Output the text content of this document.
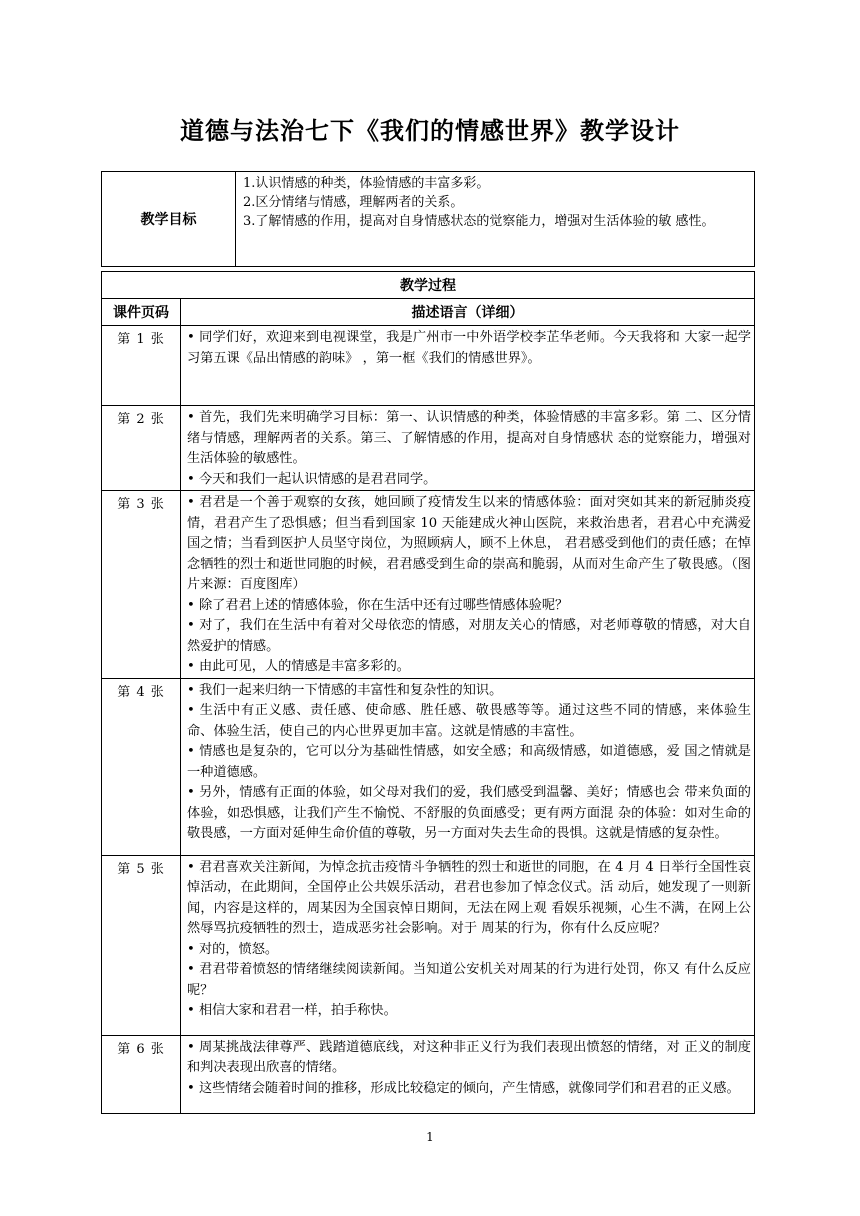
道德与法治七下《我们的情感世界》教学设计
教学目标	
1.认识情感的种类，体验情感的丰富多彩。
2.区分情绪与情感，理解两者的关系。
3.了解情感的作用，提高对自身情感状态的觉察能力，增强对生活体验的敏 感性。
教学过程	
课件页码	描述语言（详细）
第 1 张	• 同学们好，欢迎来到电视课堂，我是广州市一中外语学校李芷华老师。今天我将和 大家一起学习第五课《品出情感的韵味》 ，第一框《我们的情感世界》。

第 2 张	• 首先，我们先来明确学习目标：第一、认识情感的种类，体验情感的丰富多彩。第 二、区分情绪与情感，理解两者的关系。第三、了解情感的作用，提高对自身情感状 态的觉察能力，增强对生活体验的敏感性。

• 今天和我们一起认识情感的是君君同学。

第 3 张	• 君君是一个善于观察的女孩，她回顾了疫情发生以来的情感体验：面对突如其来的新冠肺炎疫情，君君产生了恐惧感；但当看到国家 10 天能建成火神山医院，来救治患者，君君心中充满爱国之情；当看到医护人员坚守岗位，为照顾病人，顾不上休息， 君君感受到他们的责任感；在悼念牺牲的烈士和逝世同胞的时候，君君感受到生命的崇高和脆弱，从而对生命产生了敬畏感。（图片来源：百度图库）

• 除了君君上述的情感体验，你在生活中还有过哪些情感体验呢？

• 对了，我们在生活中有着对父母依恋的情感，对朋友关心的情感，对老师尊敬的情感，对大自然爱护的情感。

• 由此可见，人的情感是丰富多彩的。

第 4 张	• 我们一起来归纳一下情感的丰富性和复杂性的知识。

• 生活中有正义感、责任感、使命感、胜任感、敬畏感等等。通过这些不同的情感，来体验生命、体验生活，使自己的内心世界更加丰富。这就是情感的丰富性。

• 情感也是复杂的，它可以分为基础性情感，如安全感；和高级情感，如道德感，爱 国之情就是一种道德感。

• 另外，情感有正面的体验，如父母对我们的爱，我们感受到温馨、美好；情感也会 带来负面的体验，如恐惧感，让我们产生不愉悦、不舒服的负面感受；更有两方面混 杂的体验：如对生命的敬畏感，一方面对延伸生命价值的尊敬，另一方面对失去生命的畏惧。这就是情感的复杂性。

第 5 张	• 君君喜欢关注新闻，为悼念抗击疫情斗争牺牲的烈士和逝世的同胞，在 4 月 4 日举行全国性哀悼活动，在此期间，全国停止公共娱乐活动，君君也参加了悼念仪式。活 动后，她发现了一则新闻，内容是这样的，周某因为全国哀悼日期间，无法在网上观 看娱乐视频，心生不满，在网上公然辱骂抗疫牺牲的烈士，造成恶劣社会影响。对于 周某的行为，你有什么反应呢？

• 对的，愤怒。

• 君君带着愤怒的情绪继续阅读新闻。当知道公安机关对周某的行为进行处罚，你又 有什么反应呢？

• 相信大家和君君一样，拍手称快。

第 6 张	• 周某挑战法律尊严、践踏道德底线，对这种非正义行为我们表现出愤怒的情绪，对 正义的制度和判决表现出欣喜的情绪。

• 这些情绪会随着时间的推移，形成比较稳定的倾向，产生情感，就像同学们和君君的正义感。

1
